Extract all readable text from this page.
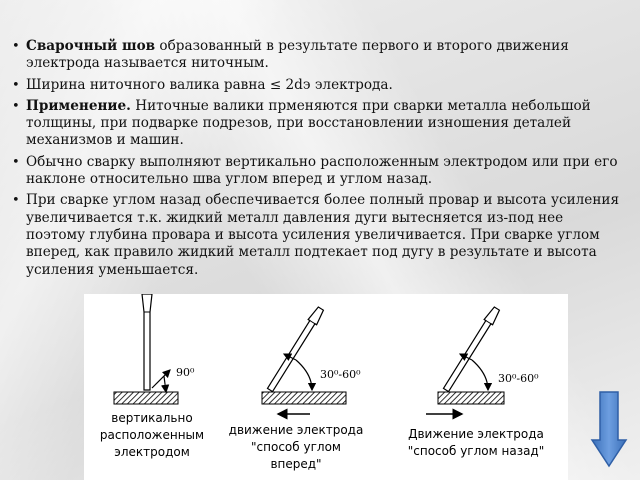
• Сварочный шов образованный в результате первого и второго движения электрода называется ниточным.
• Ширина ниточного валика равна ≤ 2dэ электрода.
• Применение. Ниточные валики прменяются при сварки металла небольшой толщины, при подварке подрезов, при восстановлении изношения деталей механизмов и машин.
• Обычно сварку выполняют вертикально расположенным электродом или при его наклоне относительно шва углом вперед и углом назад.
• При сварке углом назад обеспечивается более полный провар и высота усиления увеличивается т.к. жидкий металл давления дуги вытесняется из-под нее поэтому глубина провара и высота усиления увеличивается. При сварке углом вперед, как правило жидкий металл подтекает под дугу в результате и высота усиления уменьшается.
90⁰
вертикально
расположенным
электродом
30⁰-60⁰
движение электрода
"способ углом
вперед"
30⁰-60⁰
Движение электрода
"способ углом назад"
